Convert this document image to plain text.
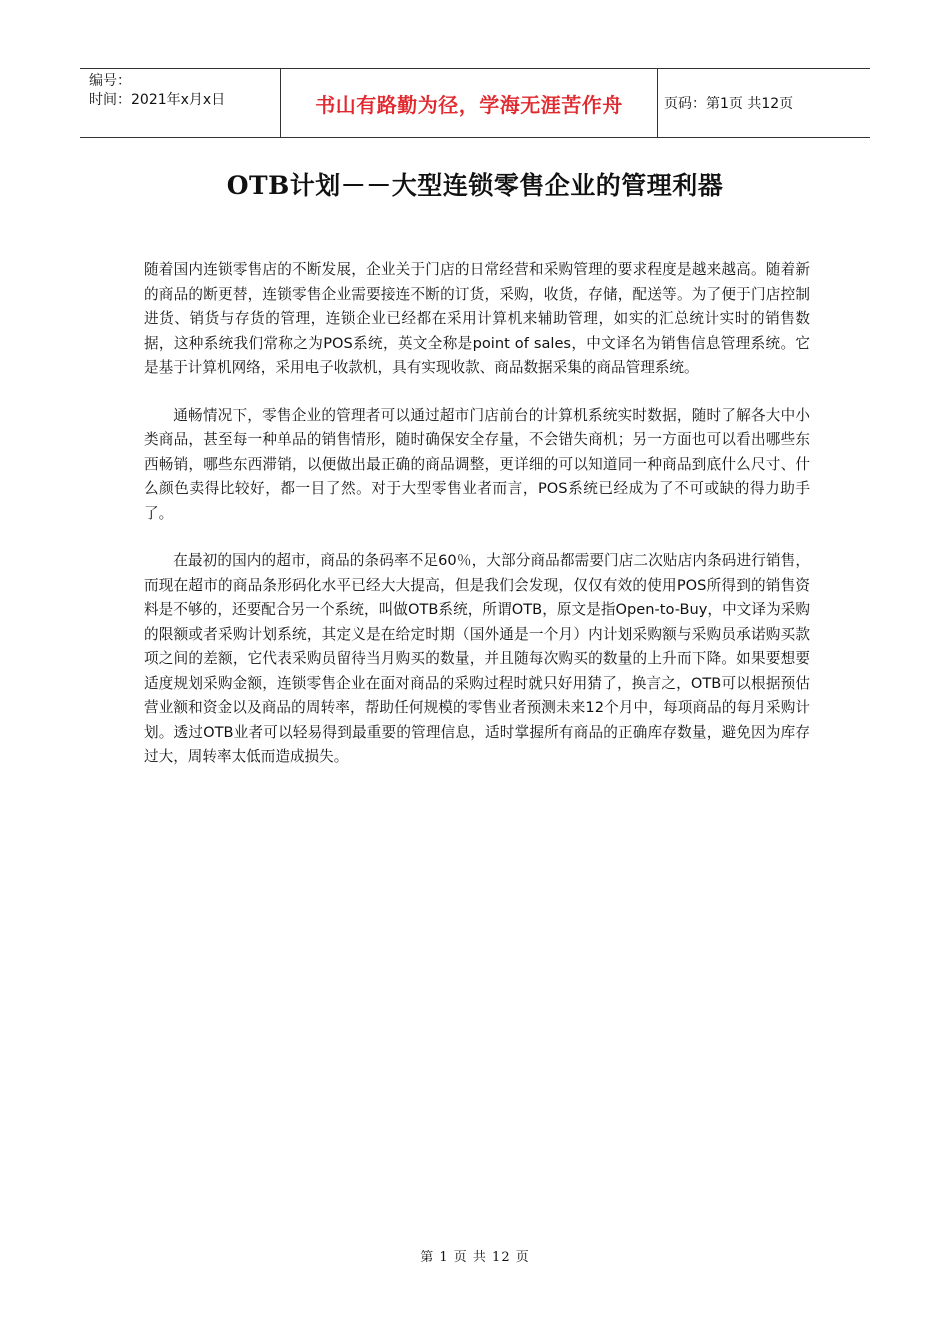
编号：
时间：2021年x月x日	书山有路勤为径，学海无涯苦作舟	页码：第1页 共12页
OTB计划－－大型连锁零售企业的管理利器

随着国内连锁零售店的不断发展，企业关于门店的日常经营和采购管理的要求程度是越来越高。随着新的商品的断更替，连锁零售企业需要接连不断的订货，采购，收货，存储，配送等。为了便于门店控制进货、销货与存货的管理，连锁企业已经都在采用计算机来辅助管理，如实的汇总统计实时的销售数据，这种系统我们常称之为POS系统，英文全称是point of sales，中文译名为销售信息管理系统。它是基于计算机网络，采用电子收款机，具有实现收款、商品数据采集的商品管理系统。

通畅情况下，零售企业的管理者可以通过超市门店前台的计算机系统实时数据，随时了解各大中小类商品，甚至每一种单品的销售情形，随时确保安全存量，不会错失商机；另一方面也可以看出哪些东西畅销，哪些东西滞销，以便做出最正确的商品调整，更详细的可以知道同一种商品到底什么尺寸、什么颜色卖得比较好，都一目了然。对于大型零售业者而言，POS系统已经成为了不可或缺的得力助手了。

在最初的国内的超市，商品的条码率不足60％，大部分商品都需要门店二次贴店内条码进行销售，而现在超市的商品条形码化水平已经大大提高，但是我们会发现，仅仅有效的使用POS所得到的销售资料是不够的，还要配合另一个系统，叫做OTB系统，所谓OTB，原文是指Open-to-Buy，中文译为采购的限额或者采购计划系统，其定义是在给定时期（国外通是一个月）内计划采购额与采购员承诺购买款项之间的差额，它代表采购员留待当月购买的数量，并且随每次购买的数量的上升而下降。如果要想要适度规划采购金额，连锁零售企业在面对商品的采购过程时就只好用猜了，换言之，OTB可以根据预估营业额和资金以及商品的周转率，帮助任何规模的零售业者预测未来12个月中，每项商品的每月采购计划。透过OTB业者可以轻易得到最重要的管理信息，适时掌握所有商品的正确库存数量，避免因为库存过大，周转率太低而造成损失。

第 1 页 共 12 页
